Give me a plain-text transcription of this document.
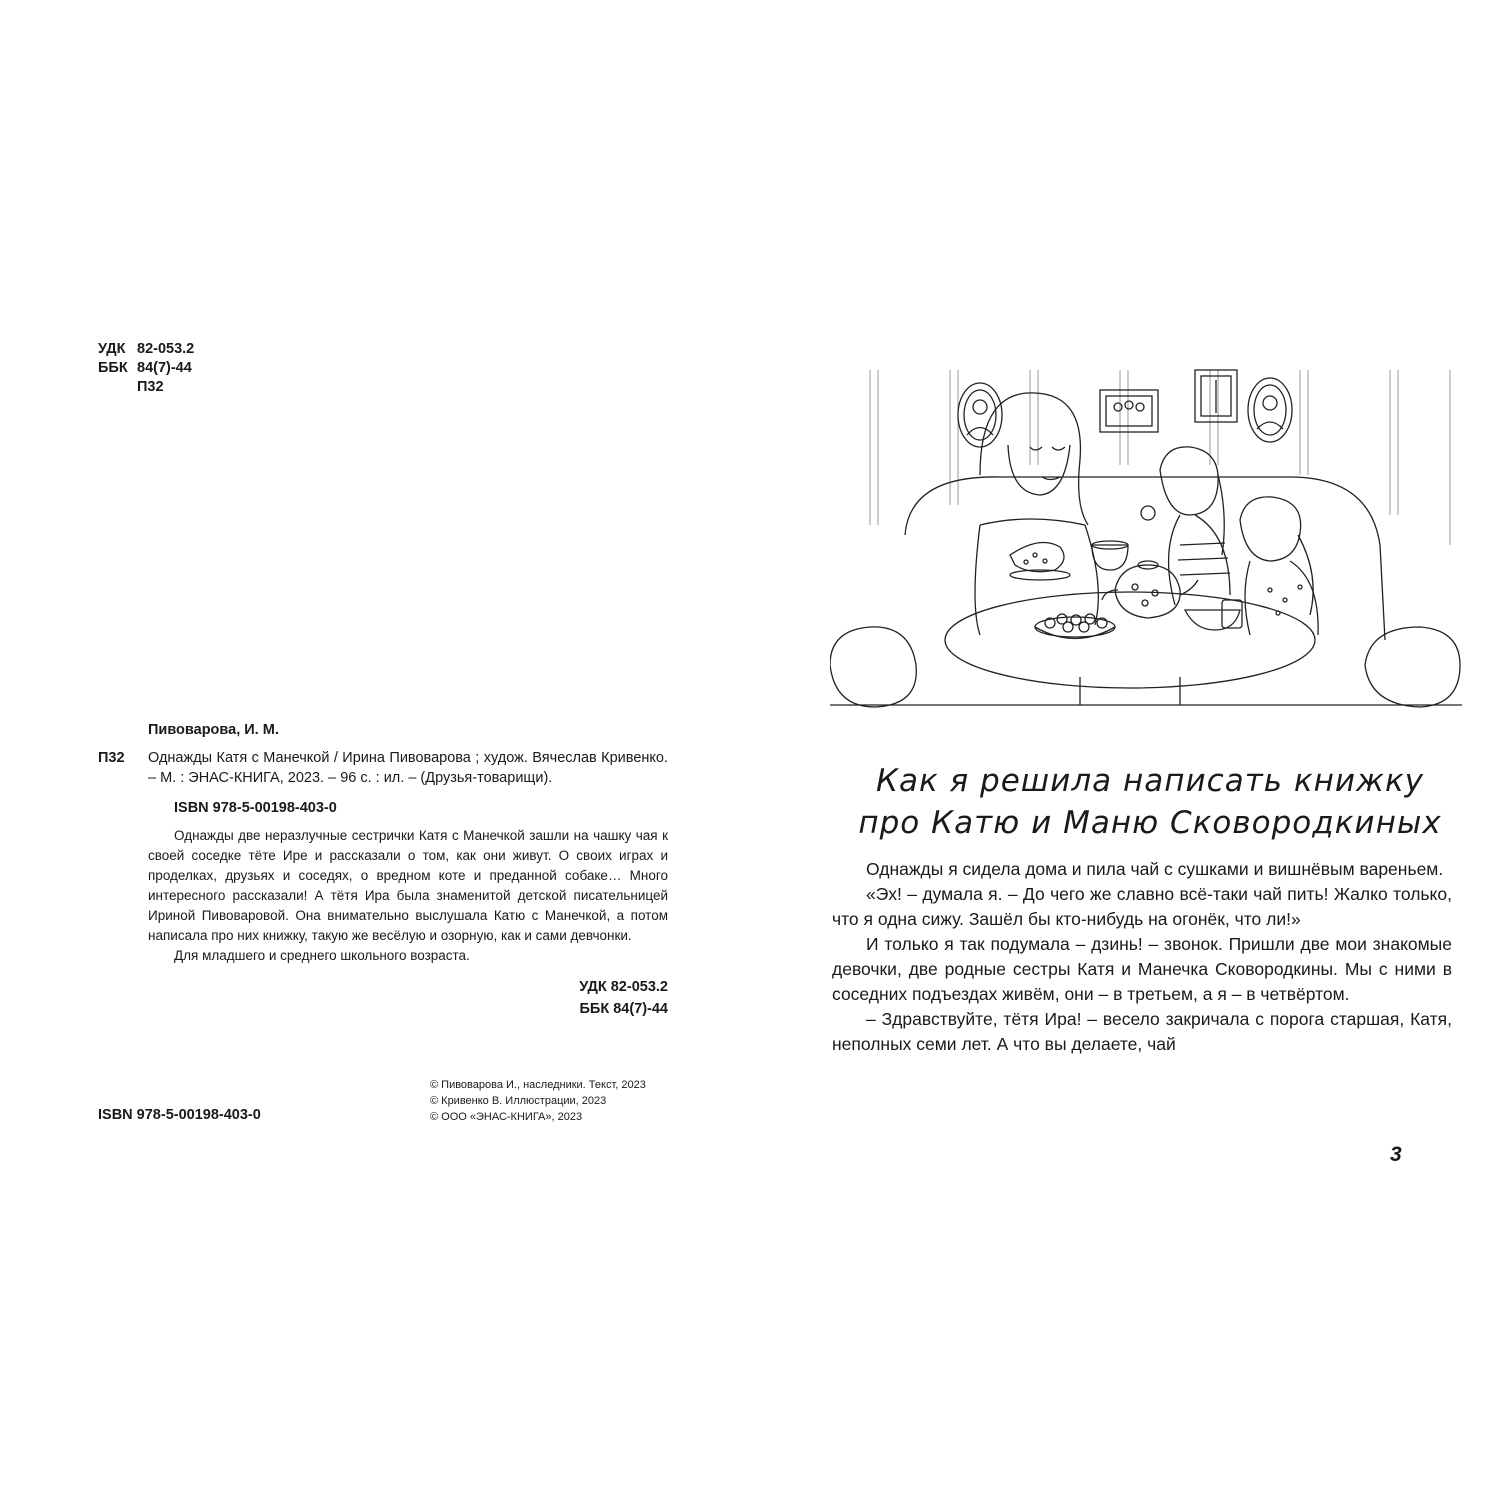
УДК 82-053.2
ББК 84(7)-44
П32
Пивоварова, И. М.
П32 Однажды Катя с Манечкой / Ирина Пивоварова ; худож. Вячеслав Кривенко. – М. : ЭНАС-КНИГА, 2023. – 96 с. : ил. – (Друзья-товарищи).
ISBN 978-5-00198-403-0

Однажды две неразлучные сестрички Катя с Манечкой зашли на чашку чая к своей соседке тёте Ире и рассказали о том, как они живут. О своих играх и проделках, друзьях и соседях, о вредном коте и преданной собаке… Много интересного рассказали! А тётя Ира была знаменитой детской писательницей Ириной Пивоваровой. Она внимательно выслушала Катю с Манечкой, а потом написала про них книжку, такую же весёлую и озорную, как и сами девчонки.

Для младшего и среднего школьного возраста.

УДК 82-053.2
ББК 84(7)-44
© Пивоварова И., наследники. Текст, 2023
© Кривенко В. Иллюстрации, 2023
© ООО «ЭНАС-КНИГА», 2023
ISBN 978-5-00198-403-0
Как я решила написать книжку
про Катю и Маню Сковородкиных

Однажды я сидела дома и пила чай с сушками и вишнёвым вареньем.

«Эх! – думала я. – До чего же славно всё-таки чай пить! Жалко только, что я одна сижу. Зашёл бы кто-нибудь на огонёк, что ли!»

И только я так подумала – дзинь! – звонок. Пришли две мои знакомые девочки, две родные сестры Катя и Манечка Сковородкины. Мы с ними в соседних подъездах живём, они – в третьем, а я – в четвёртом.

– Здравствуйте, тётя Ира! – весело закричала с порога старшая, Катя, неполных семи лет. А что вы делаете, чай

3
